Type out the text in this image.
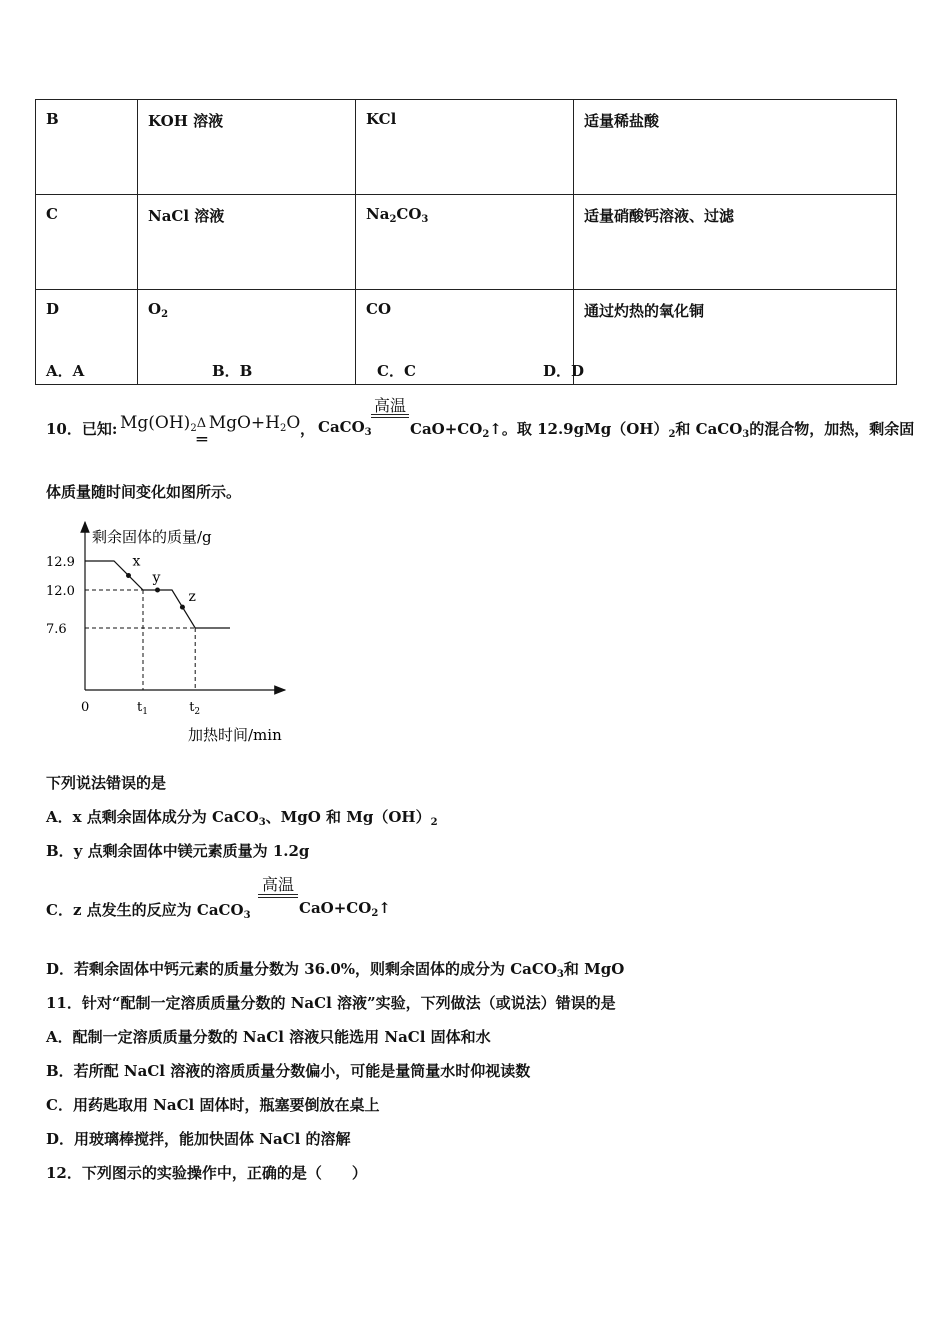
B	KOH 溶液	KCl	适量稀盐酸
C	NaCl 溶液	$Na_2CO_3$	适量硝酸钙溶液、过滤
D	$O_2$	CO	通过灼热的氧化铜
A．A	B．B	C．C	D．D
10．已知: $Mg(OH)_2$ Δ
═
$MgO+H_2O$ ， CaCO$_3$
高温
$CaO+CO_2↑$。取 $12.9gMg(OH)_2$和 CaCO$_3$的混合物，加热，剩余固
体质量随时间变化如图所示。
剩余固体的质量/g
加热时间/min
12.9
12.0
7.6
0	$t_1$	$t_2$
x
y
z
下列说法错误的是
A．x 点剩余固体成分为 CaCO$_3$、MgO 和 $Mg(OH)_2$
B．y 点剩余固体中镁元素质量为 1.2g
C．z 点发生的反应为 CaCO$_3$
高温
$CaO+CO_2↑$
D．若剩余固体中钙元素的质量分数为 36.0%，则剩余固体的成分为 CaCO$_3$和 MgO
11．针对“配制一定溶质质量分数的 NaCl 溶液”实验，下列做法（或说法）错误的是
A．配制一定溶质质量分数的 NaCl 溶液只能选用 NaCl 固体和水
B．若所配 NaCl 溶液的溶质质量分数偏小，可能是量筒量水时仰视读数
C．用药匙取用 NaCl 固体时，瓶塞要倒放在桌上
D．用玻璃棒搅拌，能加快固体 NaCl 的溶解
12．下列图示的实验操作中，正确的是（　　）
